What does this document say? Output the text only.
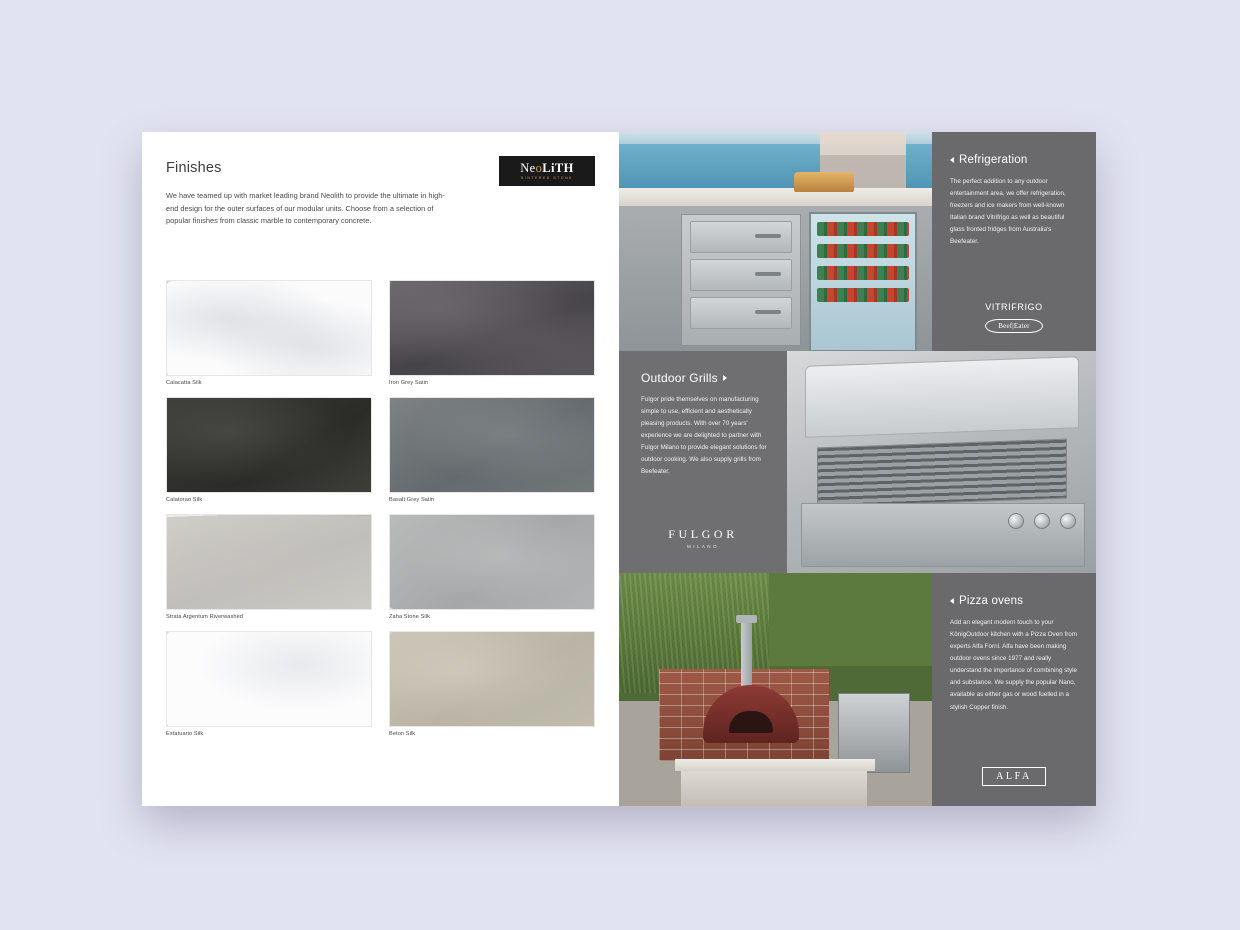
Finishes

We have teamed up with market leading brand Neolith to provide the ultimate in high-end design for the outer surfaces of our modular units. Choose from a selection of popular finishes from classic marble to contemporary concrete.

NeoLiTH
SINTERED STONE
Calacatta Silk	Iron Grey Satin
Calatorao Silk	Basalt Grey Satin
Strata Argentum Riverwashed	Zaha Stone Silk
Estatuario Silk	Beton Silk
Refrigeration

The perfect addition to any outdoor entertainment area, we offer refrigeration, freezers and ice makers from well-known Italian brand Vitrifrigo as well as beautiful glass fronted fridges from Australia's Beefeater.

VITRIFRIGO
Beef|Eater
Outdoor Grills

Fulgor pride themselves on manufacturing simple to use, efficient and aesthetically pleasing products. With over 70 years' experience we are delighted to partner with Fulgor Milano to provide elegant solutions for outdoor cooking. We also supply grills from Beefeater.

FULGOR
MILANO
Pizza ovens

Add an elegant modern touch to your KönigOutdoor kitchen with a Pizza Oven from experts Alfa Forni. Alfa have been making outdoor ovens since 1977 and really understand the importance of combining style and substance. We supply the popular Nano, available as either gas or wood fuelled in a stylish Copper finish.

ALFA
